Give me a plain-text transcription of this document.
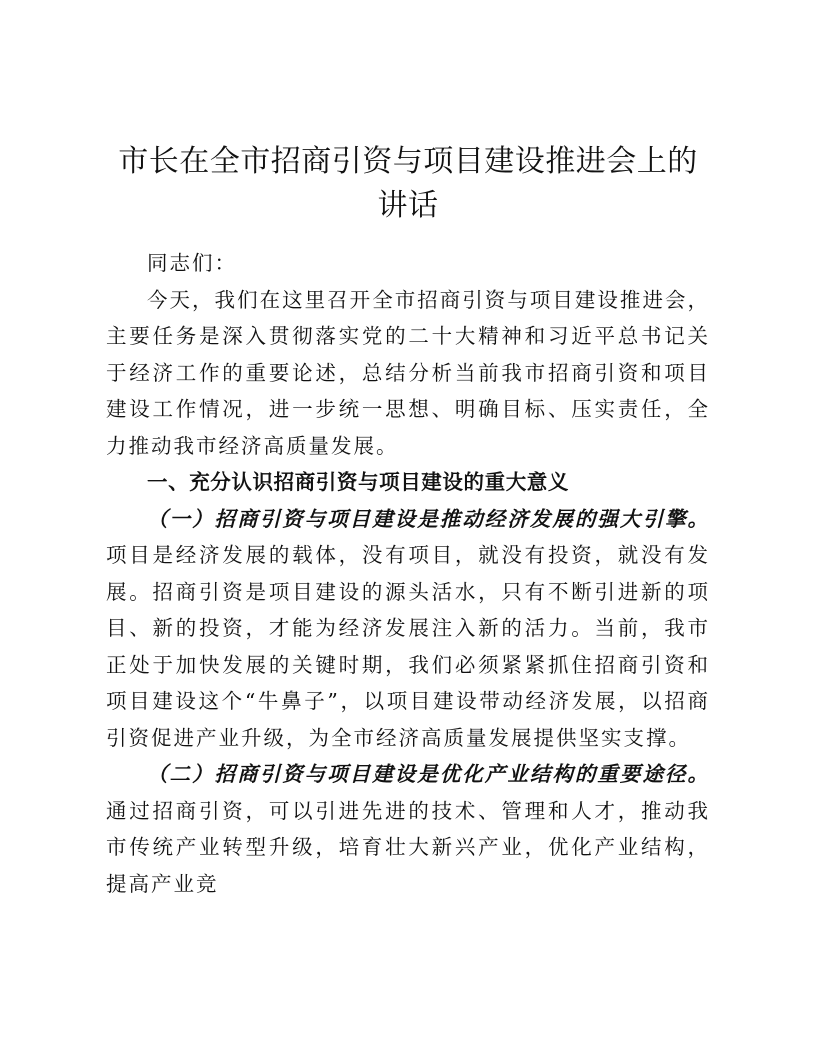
市长在全市招商引资与项目建设推进会上的讲话

同志们：

今天，我们在这里召开全市招商引资与项目建设推进会，主要任务是深入贯彻落实党的二十大精神和习近平总书记关于经济工作的重要论述，总结分析当前我市招商引资和项目建设工作情况，进一步统一思想、明确目标、压实责任，全力推动我市经济高质量发展。

一、充分认识招商引资与项目建设的重大意义

（一）招商引资与项目建设是推动经济发展的强大引擎。项目是经济发展的载体，没有项目，就没有投资，就没有发展。招商引资是项目建设的源头活水，只有不断引进新的项目、新的投资，才能为经济发展注入新的活力。当前，我市正处于加快发展的关键时期，我们必须紧紧抓住招商引资和项目建设这个“牛鼻子”，以项目建设带动经济发展，以招商引资促进产业升级，为全市经济高质量发展提供坚实支撑。

（二）招商引资与项目建设是优化产业结构的重要途径。通过招商引资，可以引进先进的技术、管理和人才，推动我市传统产业转型升级，培育壮大新兴产业，优化产业结构，提高产业竞
